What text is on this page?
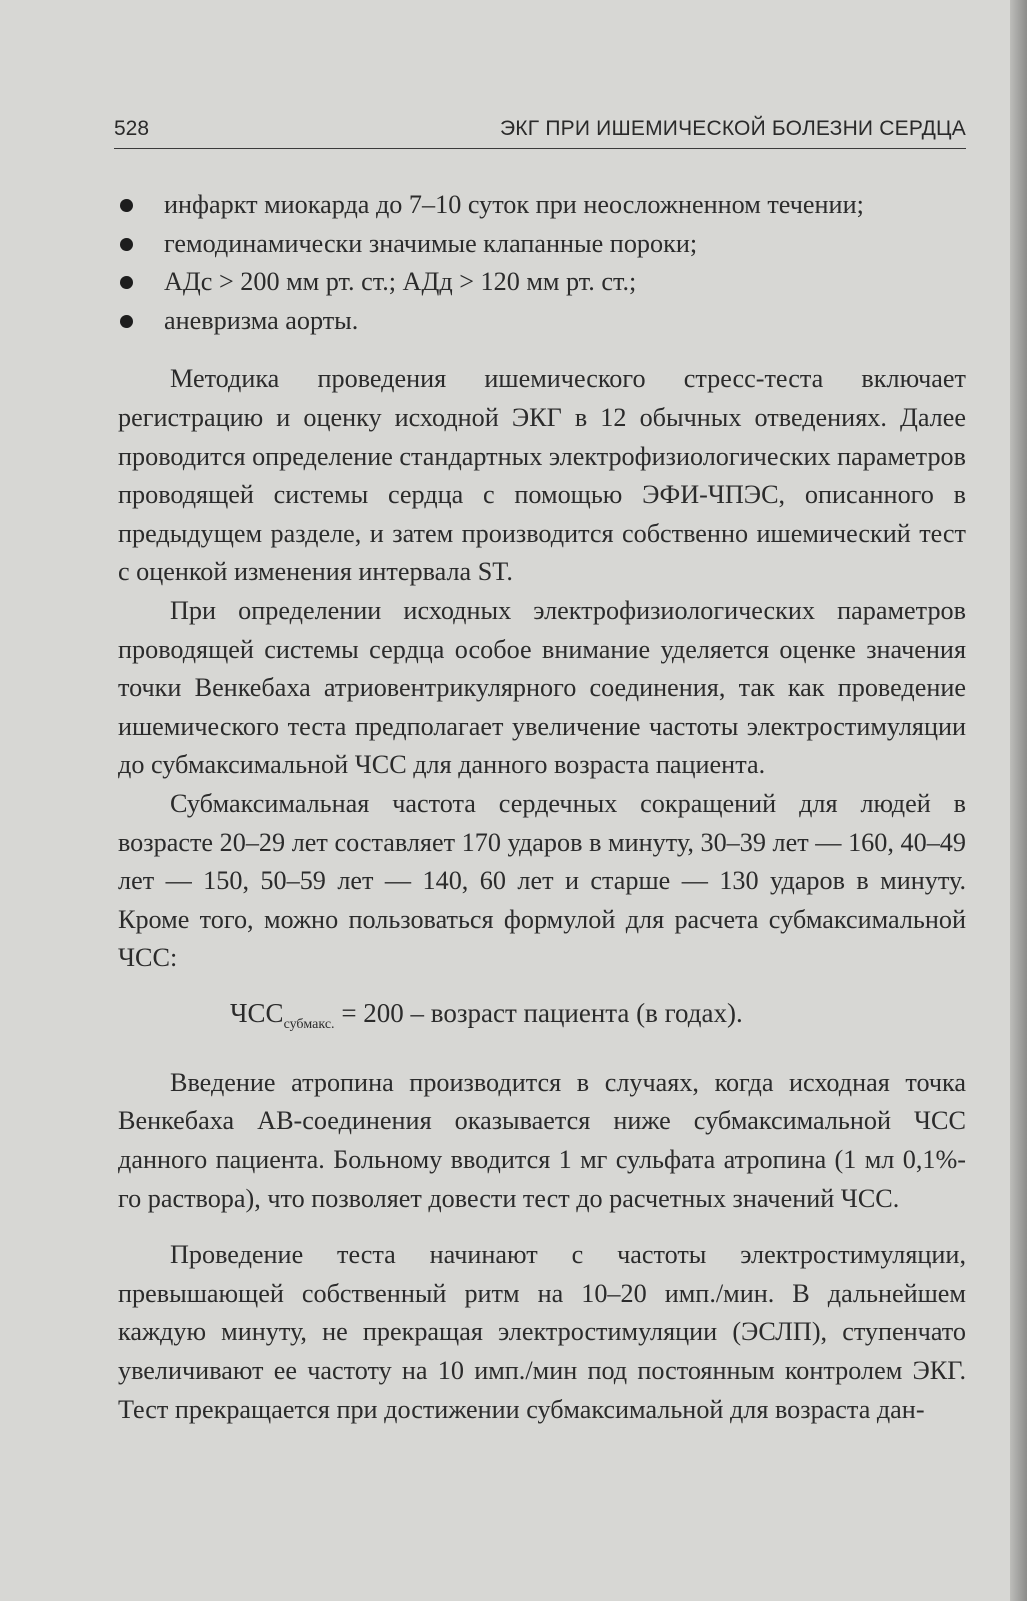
528	ЭКГ ПРИ ИШЕМИЧЕСКОЙ БОЛЕЗНИ СЕРДЦА
инфаркт миокарда до 7–10 суток при неосложненном течении;
гемодинамически значимые клапанные пороки;
АДс > 200 мм рт. ст.; АДд > 120 мм рт. ст.;
аневризма аорты.

Методика проведения ишемического стресс-теста включает регистрацию и оценку исходной ЭКГ в 12 обычных отведениях. Далее проводится определение стандартных электрофизиологических параметров проводящей системы сердца с помощью ЭФИ-ЧПЭС, описанного в предыдущем разделе, и затем производится собственно ишемический тест с оценкой изменения интервала ST.

При определении исходных электрофизиологических параметров проводящей системы сердца особое внимание уделяется оценке значения точки Венкебаха атриовентрикулярного соединения, так как проведение ишемического теста предполагает увеличение частоты электростимуляции до субмаксимальной ЧСС для данного возраста пациента.

Субмаксимальная частота сердечных сокращений для людей в возрасте 20–29 лет составляет 170 ударов в минуту, 30–39 лет — 160, 40–49 лет — 150, 50–59 лет — 140, 60 лет и старше — 130 ударов в минуту. Кроме того, можно пользоваться формулой для расчета субмаксимальной ЧСС:

$ЧСС_{субмакс.} = 200$ – возраст пациента (в годах).

Введение атропина производится в случаях, когда исходная точка Венкебаха АВ-соединения оказывается ниже субмаксимальной ЧСС данного пациента. Больному вводится 1 мг сульфата атропина (1 мл 0,1%-го раствора), что позволяет довести тест до расчетных значений ЧСС.

Проведение теста начинают с частоты электростимуляции, превышающей собственный ритм на 10–20 имп./мин. В дальнейшем каждую минуту, не прекращая электростимуляции (ЭСЛП), ступенчато увеличивают ее частоту на 10 имп./мин под постоянным контролем ЭКГ. Тест прекращается при достижении субмаксимальной для возраста дан-
